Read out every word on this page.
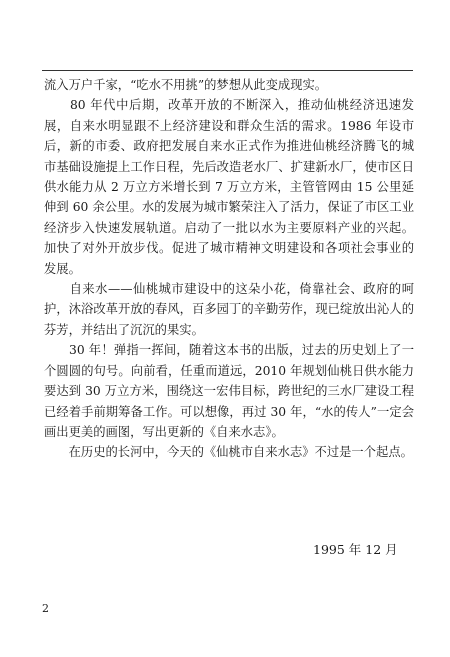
流入万户千家，“吃水不用挑”的梦想从此变成现实。
　　80 年代中后期，改革开放的不断深入，推动仙桃经济迅速发
展，自来水明显跟不上经济建设和群众生活的需求。1986 年设市
后，新的市委、政府把发展自来水正式作为推进仙桃经济腾飞的城
市基础设施提上工作日程，先后改造老水厂、扩建新水厂，使市区日
供水能力从 2 万立方米增长到 7 万立方米，主管管网由 15 公里延
伸到 60 余公里。水的发展为城市繁荣注入了活力，保证了市区工业
经济步入快速发展轨道。启动了一批以水为主要原料产业的兴起。
加快了对外开放步伐。促进了城市精神文明建设和各项社会事业的
发展。
　　自来水——仙桃城市建设中的这朵小花，倚靠社会、政府的呵
护，沐浴改革开放的春风，百多园丁的辛勤劳作，现已绽放出沁人的
芬芳，并结出了沉沉的果实。
　　30 年！弹指一挥间，随着这本书的出版，过去的历史划上了一
个圆圆的句号。向前看，任重而道远，2010 年规划仙桃日供水能力
要达到 30 万立方米，围绕这一宏伟目标，跨世纪的三水厂建设工程
已经着手前期筹备工作。可以想像，再过 30 年，“水的传人”一定会
画出更美的画图，写出更新的《自来水志》。
　　在历史的长河中，今天的《仙桃市自来水志》不过是一个起点。
1995 年 12 月
2
